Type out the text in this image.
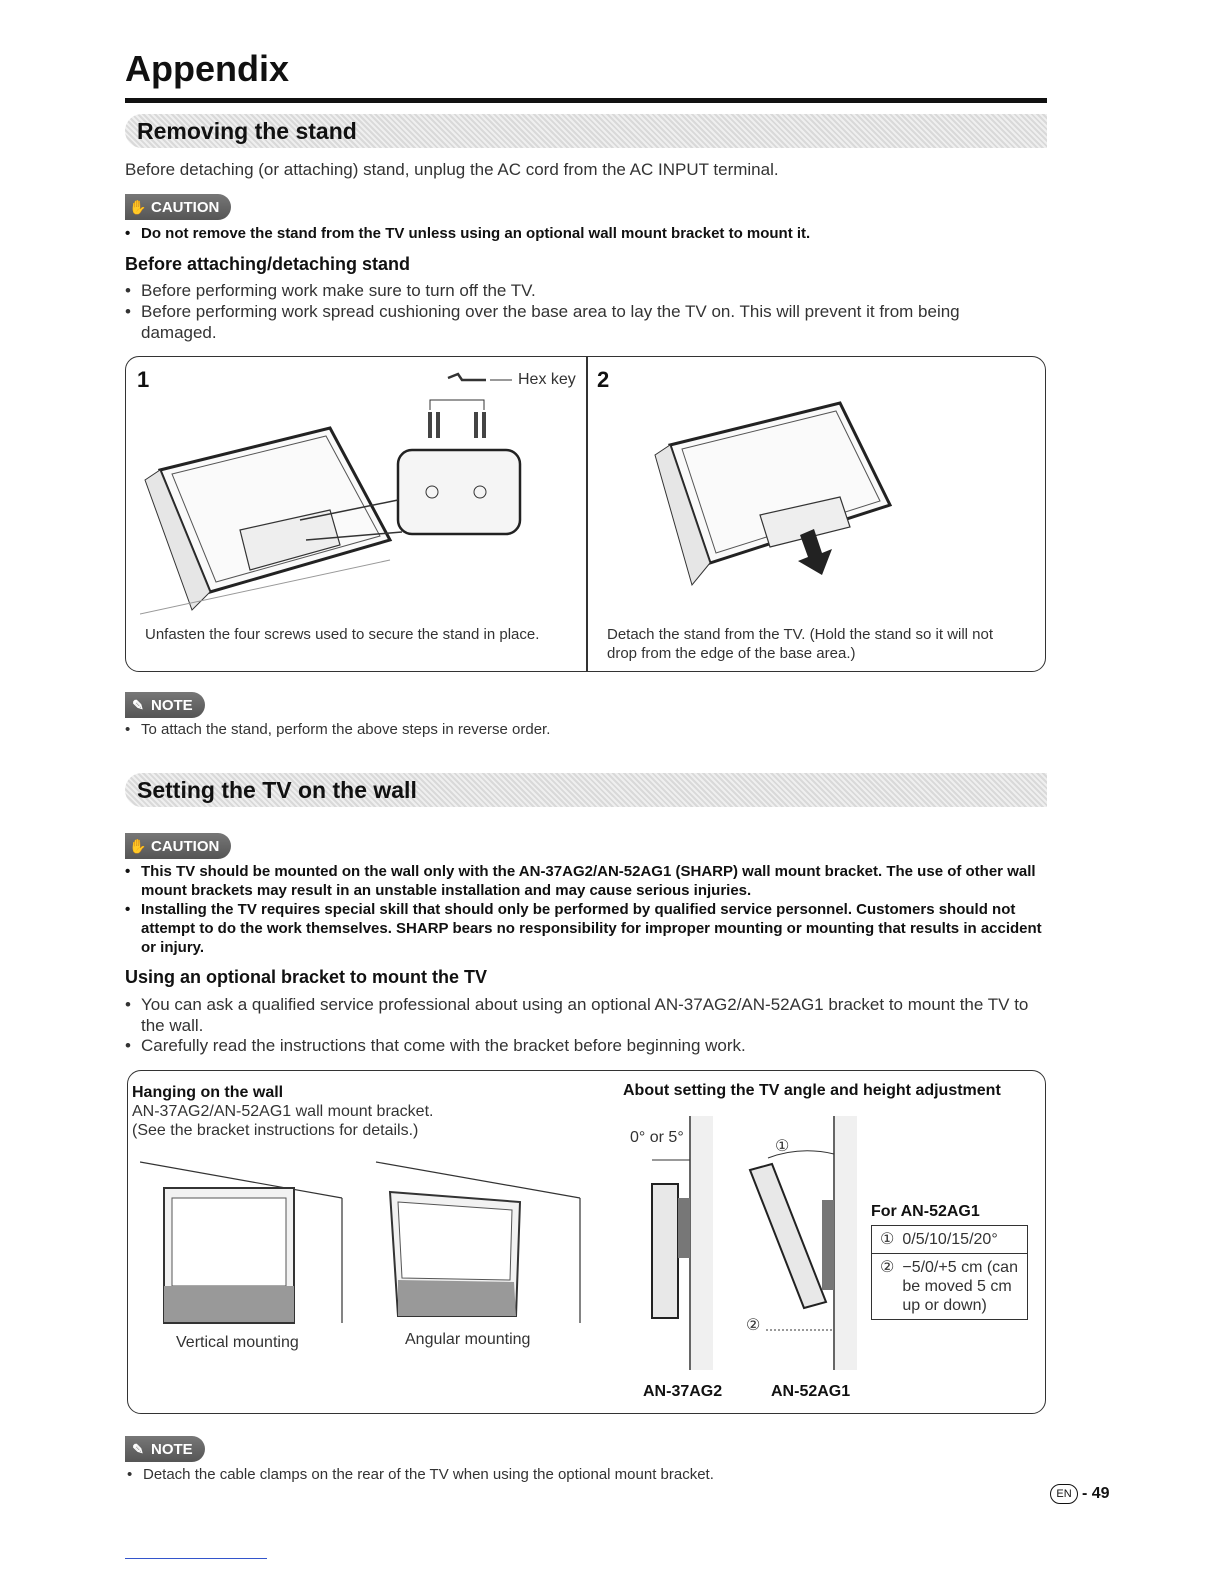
Appendix
Removing the stand
Before detaching (or attaching) stand, unplug the AC cord from the AC INPUT terminal.
✋ CAUTION
• Do not remove the stand from the TV unless using an optional wall mount bracket to mount it.
Before attaching/detaching stand
• Before performing work make sure to turn off the TV.
• Before performing work spread cushioning over the base area to lay the TV on. This will prevent it from being damaged.
1	2
Hex key
Unfasten the four screws used to secure the stand in place.	Detach the stand from the TV. (Hold the stand so it will not drop from the edge of the base area.)
✎ NOTE
• To attach the stand, perform the above steps in reverse order.
Setting the TV on the wall
✋ CAUTION
• This TV should be mounted on the wall only with the AN-37AG2/AN-52AG1 (SHARP) wall mount bracket. The use of other wall mount brackets may result in an unstable installation and may cause serious injuries.
• Installing the TV requires special skill that should only be performed by qualified service personnel. Customers should not attempt to do the work themselves. SHARP bears no responsibility for improper mounting or mounting that results in accident or injury.
Using an optional bracket to mount the TV
• You can ask a qualified service professional about using an optional AN-37AG2/AN-52AG1 bracket to mount the TV to the wall.
• Carefully read the instructions that come with the bracket before beginning work.
Hanging on the wall
AN-37AG2/AN-52AG1 wall mount bracket.
(See the bracket instructions for details.)
Vertical mounting	Angular mounting
About setting the TV angle and height adjustment
0° or 5°
①
②
AN-37AG2	AN-52AG1
For AN-52AG1
① 0/5/10/15/20°
② −5/0/+5 cm (can be moved 5 cm up or down)
✎ NOTE
• Detach the cable clamps on the rear of the TV when using the optional mount bracket.
EN - 49
